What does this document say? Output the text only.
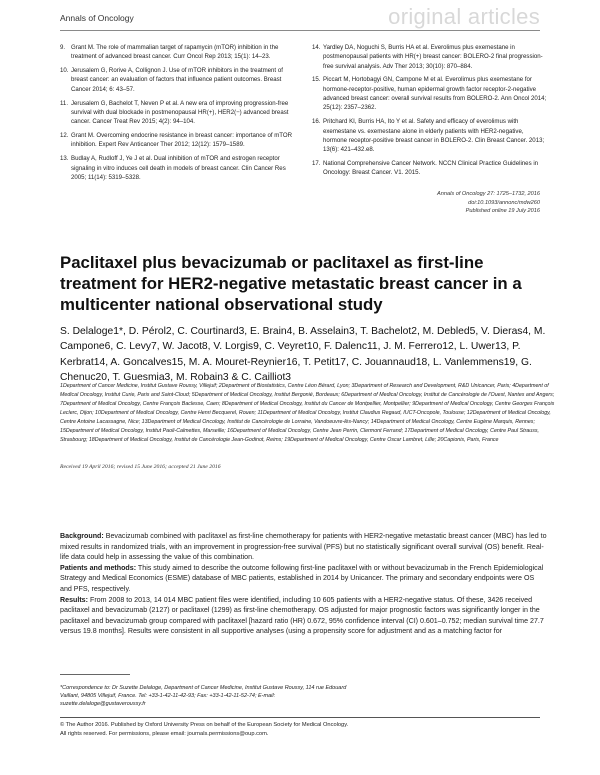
Annals of Oncology	original articles
9. Grant M. The role of mammalian target of rapamycin (mTOR) inhibition in the treatment of advanced breast cancer. Curr Oncol Rep 2013; 15(1): 14–23.
10. Jerusalem G, Rorive A, Collignon J. Use of mTOR inhibitors in the treatment of breast cancer: an evaluation of factors that influence patient outcomes. Breast Cancer 2014; 6: 43–57.
11. Jerusalem G, Bachelot T, Neven P et al. A new era of improving progression-free survival with dual blockade in postmenopausal HR(+), HER2(−) advanced breast cancer. Cancer Treat Rev 2015; 4(2): 94–104.
12. Grant M. Overcoming endocrine resistance in breast cancer: importance of mTOR inhibition. Expert Rev Anticancer Ther 2012; 12(12): 1579–1589.
13. Budlay A, Rudloff J, Ye J et al. Dual inhibition of mTOR and estrogen receptor signaling in vitro induces cell death in models of breast cancer. Clin Cancer Res 2005; 11(14): 5319–5328.
14. Yardley DA, Noguchi S, Burris HA et al. Everolimus plus exemestane in postmenopausal patients with HR(+) breast cancer: BOLERO-2 final progression-free survival analysis. Adv Ther 2013; 30(10): 870–884.
15. Piccart M, Hortobagyi GN, Campone M et al. Everolimus plus exemestane for hormone-receptor-positive, human epidermal growth factor receptor-2-negative advanced breast cancer: overall survival results from BOLERO-2. Ann Oncol 2014; 25(12): 2357–2362.
16. Pritchard KI, Burris HA, Ito Y et al. Safety and efficacy of everolimus with exemestane vs. exemestane alone in elderly patients with HER2-negative, hormone receptor-positive breast cancer in BOLERO-2. Clin Breast Cancer. 2013; 13(6): 421–432.e8.
17. National Comprehensive Cancer Network. NCCN Clinical Practice Guidelines in Oncology: Breast Cancer. V1. 2015.
Annals of Oncology 27: 1725–1732, 2016
doi:10.1093/annonc/mdw260
Published online 19 July 2016
Paclitaxel plus bevacizumab or paclitaxel as first-line treatment for HER2-negative metastatic breast cancer in a multicenter national observational study
S. Delaloge1*, D. Pérol2, C. Courtinard3, E. Brain4, B. Asselain3, T. Bachelot2, M. Debled5, V. Dieras4, M. Campone6, C. Levy7, W. Jacot8, V. Lorgis9, C. Veyret10, F. Dalenc11, J. M. Ferrero12, L. Uwer13, P. Kerbrat14, A. Goncalves15, M. A. Mouret-Reynier16, T. Petit17, C. Jouannaud18, L. Vanlemmens19, G. Chenuc20, T. Guesmia3, M. Robain3 & C. Cailliot3
1Department of Cancer Medicine, Institut Gustave Roussy, Villejuif; 2Department of Biostatistics, Centre Léon Bérard, Lyon; 3Department of Research and Development, R&D Unicancer, Paris; 4Department of Medical Oncology, Institut Curie, Paris and Saint-Cloud; 5Department of Medical Oncology, Institut Bergonié, Bordeaux; 6Department of Medical Oncology, Institut de Cancérologie de l'Ouest, Nantes and Angers; 7Department of Medical Oncology, Centre François Baclesse, Caen; 8Department of Medical Oncology, Institut du Cancer de Montpellier, Montpellier; 9Department of Medical Oncology, Centre Georges François Leclerc, Dijon; 10Department of Medical Oncology, Centre Henri Becquerel, Rouen; 11Department of Medical Oncology, Institut Claudius Regaud, IUCT-Oncopole, Toulouse; 12Department of Medical Oncology, Centre Antoine Lacassagne, Nice; 13Department of Medical Oncology, Institut de Cancérologie de Lorraine, Vandoeuvre-lès-Nancy; 14Department of Medical Oncology, Centre Eugène Marquis, Rennes; 15Department of Medical Oncology, Institut Paoli-Calmettes, Marseille; 16Department of Medical Oncology, Centre Jean Perrin, Clermont Ferrand; 17Department of Medical Oncology, Centre Paul Strauss, Strasbourg; 18Department of Medical Oncology, Institut de Cancérologie Jean-Godinot, Reims; 19Department of Medical Oncology, Centre Oscar Lambret, Lille; 20Capionis, Paris, France
Received 19 April 2016; revised 15 June 2016; accepted 21 June 2016
Background: Bevacizumab combined with paclitaxel as first-line chemotherapy for patients with HER2-negative metastatic breast cancer (MBC) has led to mixed results in randomized trials, with an improvement in progression-free survival (PFS) but no statistically significant overall survival (OS) benefit. Real-life data could help in assessing the value of this combination.
Patients and methods: This study aimed to describe the outcome following first-line paclitaxel with or without bevacizumab in the French Epidemiological Strategy and Medical Economics (ESME) database of MBC patients, established in 2014 by Unicancer. The primary and secondary endpoints were OS and PFS, respectively.
Results: From 2008 to 2013, 14 014 MBC patient files were identified, including 10 605 patients with a HER2-negative status. Of these, 3426 received paclitaxel and bevacizumab (2127) or paclitaxel (1299) as first-line chemotherapy. OS adjusted for major prognostic factors was significantly longer in the paclitaxel and bevacizumab group compared with paclitaxel [hazard ratio (HR) 0.672, 95% confidence interval (CI) 0.601–0.752; median survival time 27.7 versus 19.8 months]. Results were consistent in all supportive analyses (using a propensity score for adjustment and as a matching factor for
*Correspondence to: Dr Suzette Delaloge, Department of Cancer Medicine, Institut Gustave Roussy, 114 rue Edouard Vaillant, 94805 Villejuif, France. Tel: +33-1-42-11-42-93; Fax: +33-1-42-11-52-74; E-mail: suzette.delaloge@gustaveroussy.fr
© The Author 2016. Published by Oxford University Press on behalf of the European Society for Medical Oncology.
All rights reserved. For permissions, please email: journals.permissions@oup.com.
